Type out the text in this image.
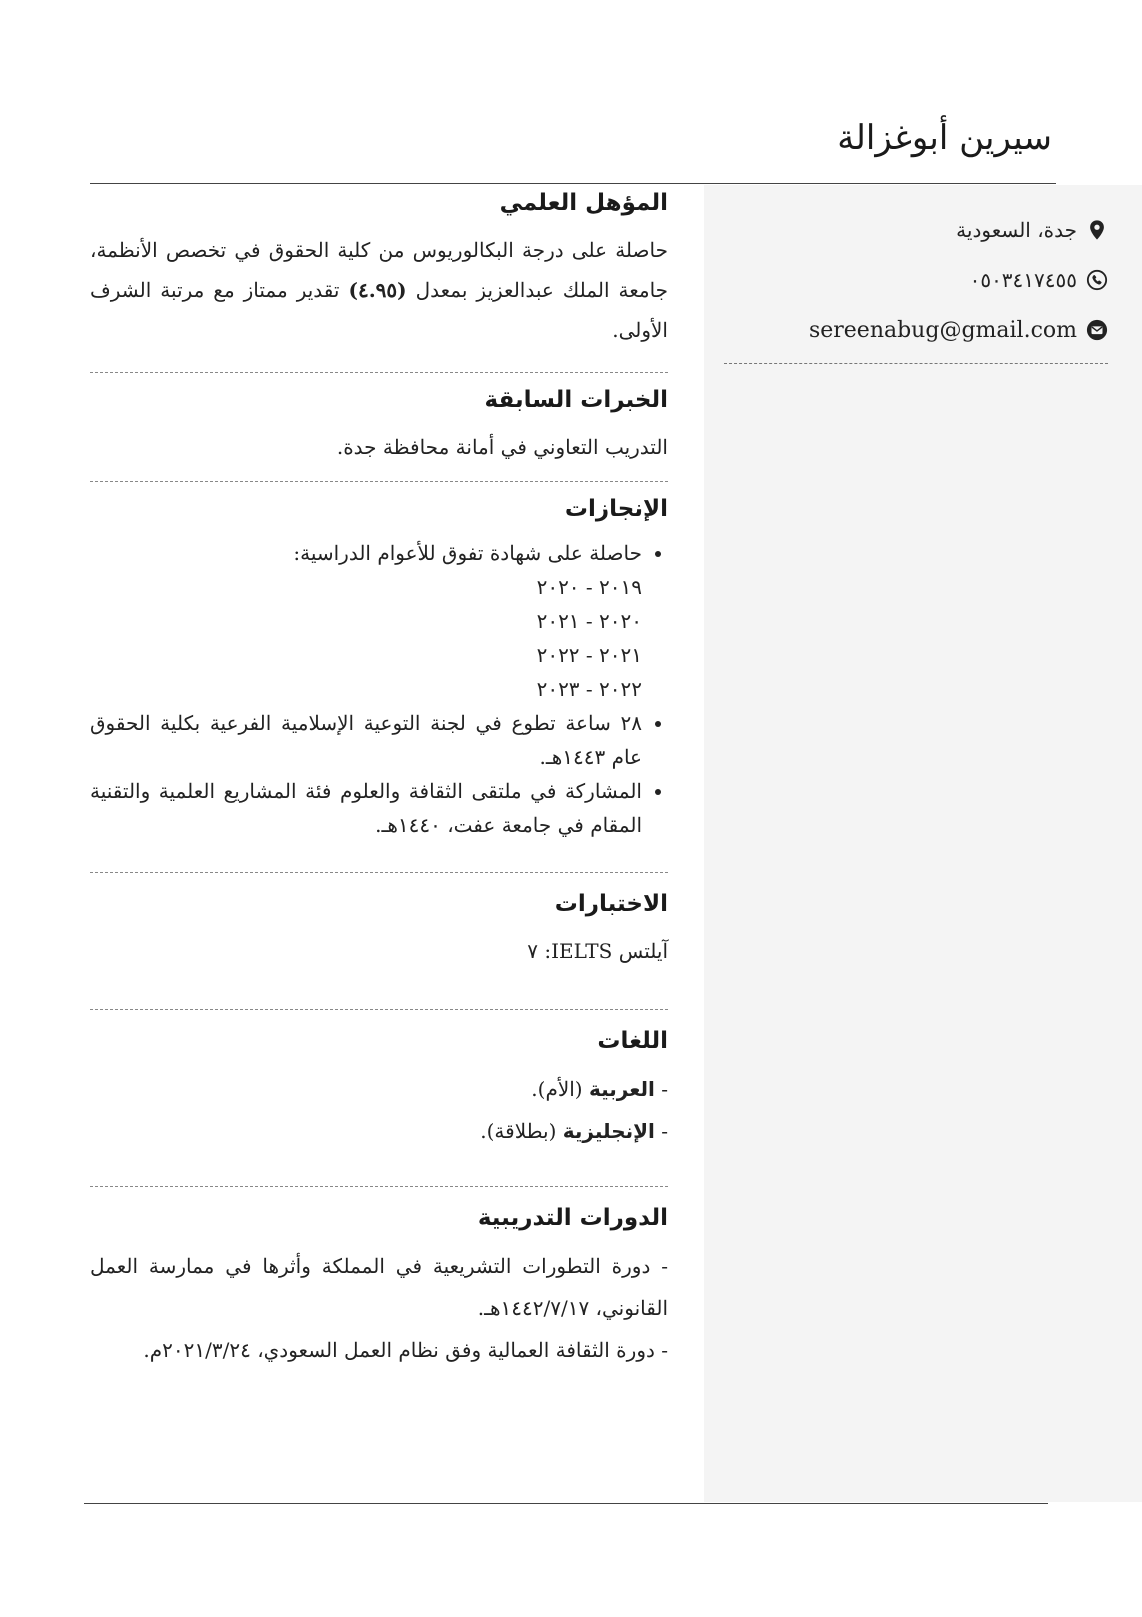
سيرين أبوغزالة
جدة، السعودية
٠٥٠٣٤١٧٤٥٥
sereenabug@gmail.com
المؤهل العلمي

حاصلة على درجة البكالوريوس من كلية الحقوق في تخصص الأنظمة، جامعة الملك عبدالعزيز بمعدل (٤.٩٥) تقدير ممتاز مع مرتبة الشرف الأولى.

الخبرات السابقة
التدريب التعاوني في أمانة محافظة جدة.
الإنجازات
• حاصلة على شهادة تفوق للأعوام الدراسية:
٢٠١٩ - ٢٠٢٠
٢٠٢٠ - ٢٠٢١
٢٠٢١ - ٢٠٢٢
٢٠٢٢ - ٢٠٢٣
• ٢٨ ساعة تطوع في لجنة التوعية الإسلامية الفرعية بكلية الحقوق عام ١٤٤٣هـ.
• المشاركة في ملتقى الثقافة والعلوم فئة المشاريع العلمية والتقنية المقام في جامعة عفت، ١٤٤٠هـ.
الاختبارات
آيلتس IELTS: ٧
اللغات
- العربية (الأم).
- الإنجليزية (بطلاقة).
الدورات التدريبية
- دورة التطورات التشريعية في المملكة وأثرها في ممارسة العمل القانوني، ١٤٤٢/٧/١٧هـ.
- دورة الثقافة العمالية وفق نظام العمل السعودي، ٢٠٢١/٣/٢٤م.
